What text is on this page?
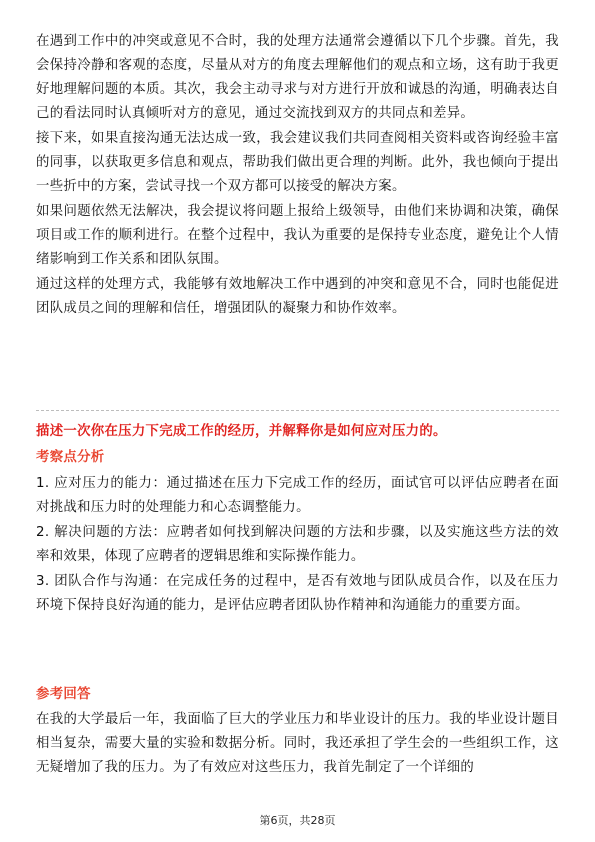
在遇到工作中的冲突或意见不合时，我的处理方法通常会遵循以下几个步骤。首先，我会保持冷静和客观的态度，尽量从对方的角度去理解他们的观点和立场，这有助于我更好地理解问题的本质。其次，我会主动寻求与对方进行开放和诚恳的沟通，明确表达自己的看法同时认真倾听对方的意见，通过交流找到双方的共同点和差异。

接下来，如果直接沟通无法达成一致，我会建议我们共同查阅相关资料或咨询经验丰富的同事，以获取更多信息和观点，帮助我们做出更合理的判断。此外，我也倾向于提出一些折中的方案，尝试寻找一个双方都可以接受的解决方案。

如果问题依然无法解决，我会提议将问题上报给上级领导，由他们来协调和决策，确保项目或工作的顺利进行。在整个过程中，我认为重要的是保持专业态度，避免让个人情绪影响到工作关系和团队氛围。

通过这样的处理方式，我能够有效地解决工作中遇到的冲突和意见不合，同时也能促进团队成员之间的理解和信任，增强团队的凝聚力和协作效率。

描述一次你在压力下完成工作的经历，并解释你是如何应对压力的。

考察点分析

1. 应对压力的能力：通过描述在压力下完成工作的经历，面试官可以评估应聘者在面对挑战和压力时的处理能力和心态调整能力。

2. 解决问题的方法：应聘者如何找到解决问题的方法和步骤，以及实施这些方法的效率和效果，体现了应聘者的逻辑思维和实际操作能力。

3. 团队合作与沟通：在完成任务的过程中，是否有效地与团队成员合作，以及在压力环境下保持良好沟通的能力，是评估应聘者团队协作精神和沟通能力的重要方面。

参考回答

在我的大学最后一年，我面临了巨大的学业压力和毕业设计的压力。我的毕业设计题目相当复杂，需要大量的实验和数据分析。同时，我还承担了学生会的一些组织工作，这无疑增加了我的压力。为了有效应对这些压力，我首先制定了一个详细的

第6页，共28页
